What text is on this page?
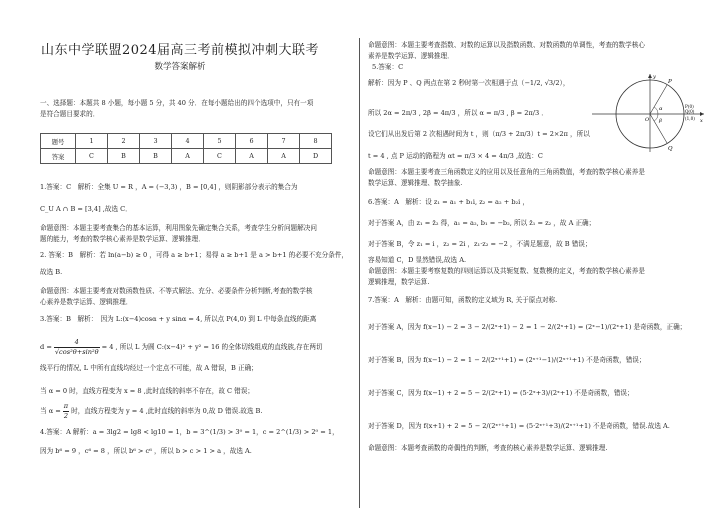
山东中学联盟2024届高三考前模拟冲刺大联考
数学答案解析
一、选择题：本题共 8 小题，每小题 5 分，共 40 分．在每小题给出的四个选项中，只有一项
是符合题目要求的．
题号	1	2	3	4	5	6	7	8
答案	C	B	B	A	C	A	A	D
1.答案：C　解析：全集 U = R ，A = (−3,3) ，B = [0,4] ，则阴影部分表示的集合为
C_U A ∩ B = [3,4] ,故选 C．
命题意图：本题主要考查集合的基本运算，利用图象先确定集合关系，考查学生分析问题解决问
题的能力，考查的数学核心素养是数学运算、逻辑推理．
2. 答案：B　解析：若 ln(a−b) ≥ 0 ，可得 a ≥ b+1；易得 a ≥ b+1 是 a > b+1 的必要不充分条件，
故选 B.
命题意图：本题主要考查对数函数性质、不等式解法、充分、必要条件分析判断,考查的数学核
心素养是数学运算、逻辑推理．
3.答案：B　解析：　因为 L:(x−4)cosα + y sinα = 4, 所以点 P(4,0) 到 L 中每条直线的距离
$d = \frac{4}{\text{√cos²θ+sin²θ}} = 4$ , 所以 L 为圆 C:(x−4)² + y² = 16 的全体切线组成的直线族,存在两切
线平行的情况, L 中所有直线均经过一个定点不可能，故 A 错误，B 正确；
当 α = 0 时，直线方程变为 x = 8 ,此时直线的斜率不存在，故 C 错误；
当 $\alpha = \frac{\pi}{2}$ 时，直线方程变为 y = 4 ,此时直线的斜率为 0,故 D 错误.故选 B.
4.答案：A 解析：a = 3lg2 = lg8 < lg10 = 1，b = 3^(1/3) > 3⁰ = 1，c = 2^(1/3) > 2⁰ = 1，
因为 b⁶ = 9 ，c⁶ = 8 ，所以 b⁶ > c⁶ ，所以 b > c > 1 > a ，故选 A.
命题意图：本题主要考查指数、对数的运算以及指数函数、对数函数的单调性，考查的数学核心
素养是数学运算、逻辑推理．
5.答案：C
解析：因为 P 、Q 两点在第 2 秒时第一次相遇于点（−1/2, √3/2），
所以 2α = 2π/3 , 2β = 4π/3 ，所以 α = π/3 , β = 2π/3 ．
设它们从出发后第 2 次相遇时间为 t ，则（π/3 + 2π/3）t = 2×2π ，所以
t = 4 , 点 P 运动的路程为 αt = π/3 × 4 = 4π/3 ,故选：C
命题意图：本题主要考查三角函数定义的应用以及任意角的三角函数值，考查的数学核心素养是
数学运算、逻辑推理、数学抽象.
6.答案：A　解析：设 z₁ = a₁ + b₁i, z₂ = a₂ + b₂i ，
对于答案 A，由 z₁ = z̄₂ 得，a₁ = a₂, b₁ = −b₂, 所以 z̄₁ = z₂ ，故 A 正确；
对于答案 B，令 z₁ = i ，z₂ = 2i ，z₁·z₂ = −2 ，不满足题意，故 B 错误；
容易知道 C，D 显然错误,故选 A.
命题意图：本题主要考察复数的四则运算以及共轭复数、复数模的定义，考查的数学核心素养是
逻辑推理，数学运算.
7.答案：A　解析：由题可知，函数的定义域为 R, 关于原点对称.
对于答案 A，因为 f(x−1) − 2 = 3 − 2/(2ˣ+1) − 2 = 1 − 2/(2ˣ+1) = (2ˣ−1)/(2ˣ+1) 是奇函数，正确；
对于答案 B，因为 f(x−1) − 2 = 1 − 2/(2ˣ⁺¹+1) = (2ˣ⁺¹−1)/(2ˣ⁺¹+1) 不是奇函数，错误；
对于答案 C，因为 f(x−1) + 2 = 5 − 2/(2ˣ+1) = (5·2ˣ+3)/(2ˣ+1) 不是奇函数，错误；
对于答案 D，因为 f(x+1) + 2 = 5 − 2/(2ˣ⁺¹+1) = (5·2ˣ⁺¹+3)/(2ˣ⁺¹+1) 不是奇函数，错误.故选 A.
命题意图：本题考查函数的奇偶性的判断，考查的核心素养是数学运算、逻辑推理.
P
Q
O
α
β
P(0)
Q(0)
(1,0) x
y
